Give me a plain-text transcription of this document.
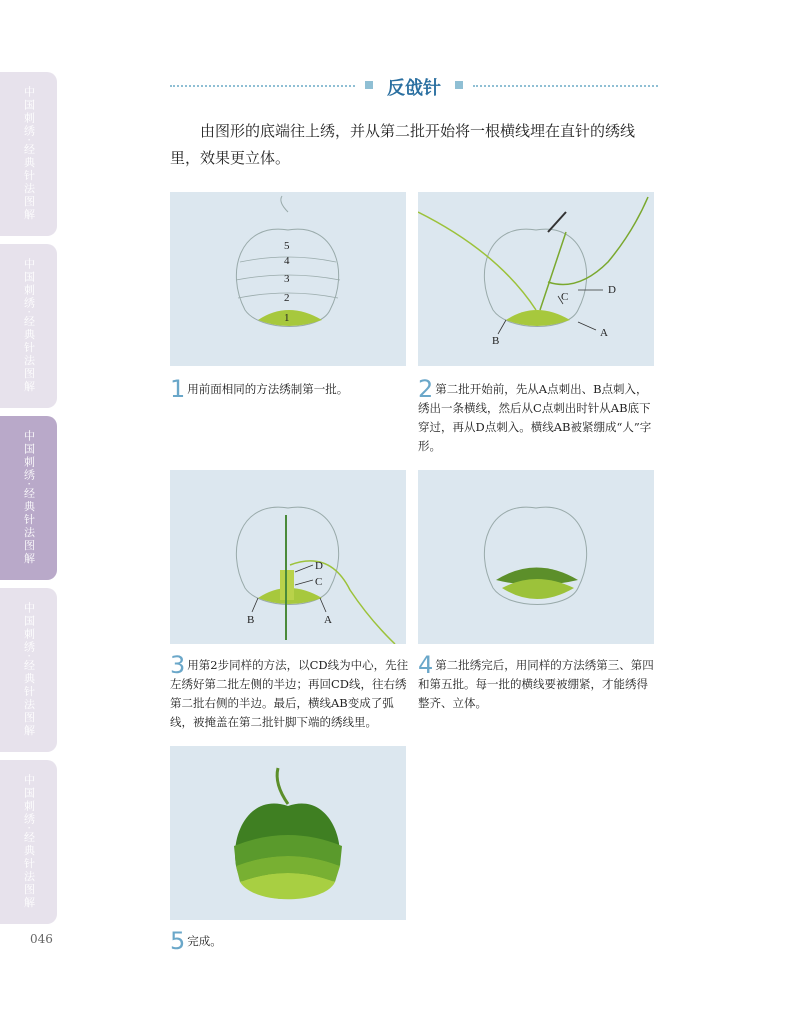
中国刺绣·经典针法图解
中国刺绣·经典针法图解
中国刺绣·经典针法图解
中国刺绣·经典针法图解
中国刺绣·经典针法图解
046
反戗针
由图形的底端往上绣，并从第二批开始将一根横线埋在直针的绣线里，效果更立体。
5
4
3
2
1
1 用前面相同的方法绣制第一批。
D
C
A
B
2 第二批开始前，先从A点刺出、B点刺入，绣出一条横线，然后从C点刺出时针从AB底下穿过，再从D点刺入。横线AB被紧绷成“人”字形。
D
C
B	A
3 用第2步同样的方法，以CD线为中心，先往左绣好第二批左侧的半边；再回CD线，往右绣第二批右侧的半边。最后，横线AB变成了弧线，被掩盖在第二批针脚下端的绣线里。
4 第二批绣完后，用同样的方法绣第三、第四和第五批。每一批的横线要被绷紧，才能绣得整齐、立体。
5 完成。
